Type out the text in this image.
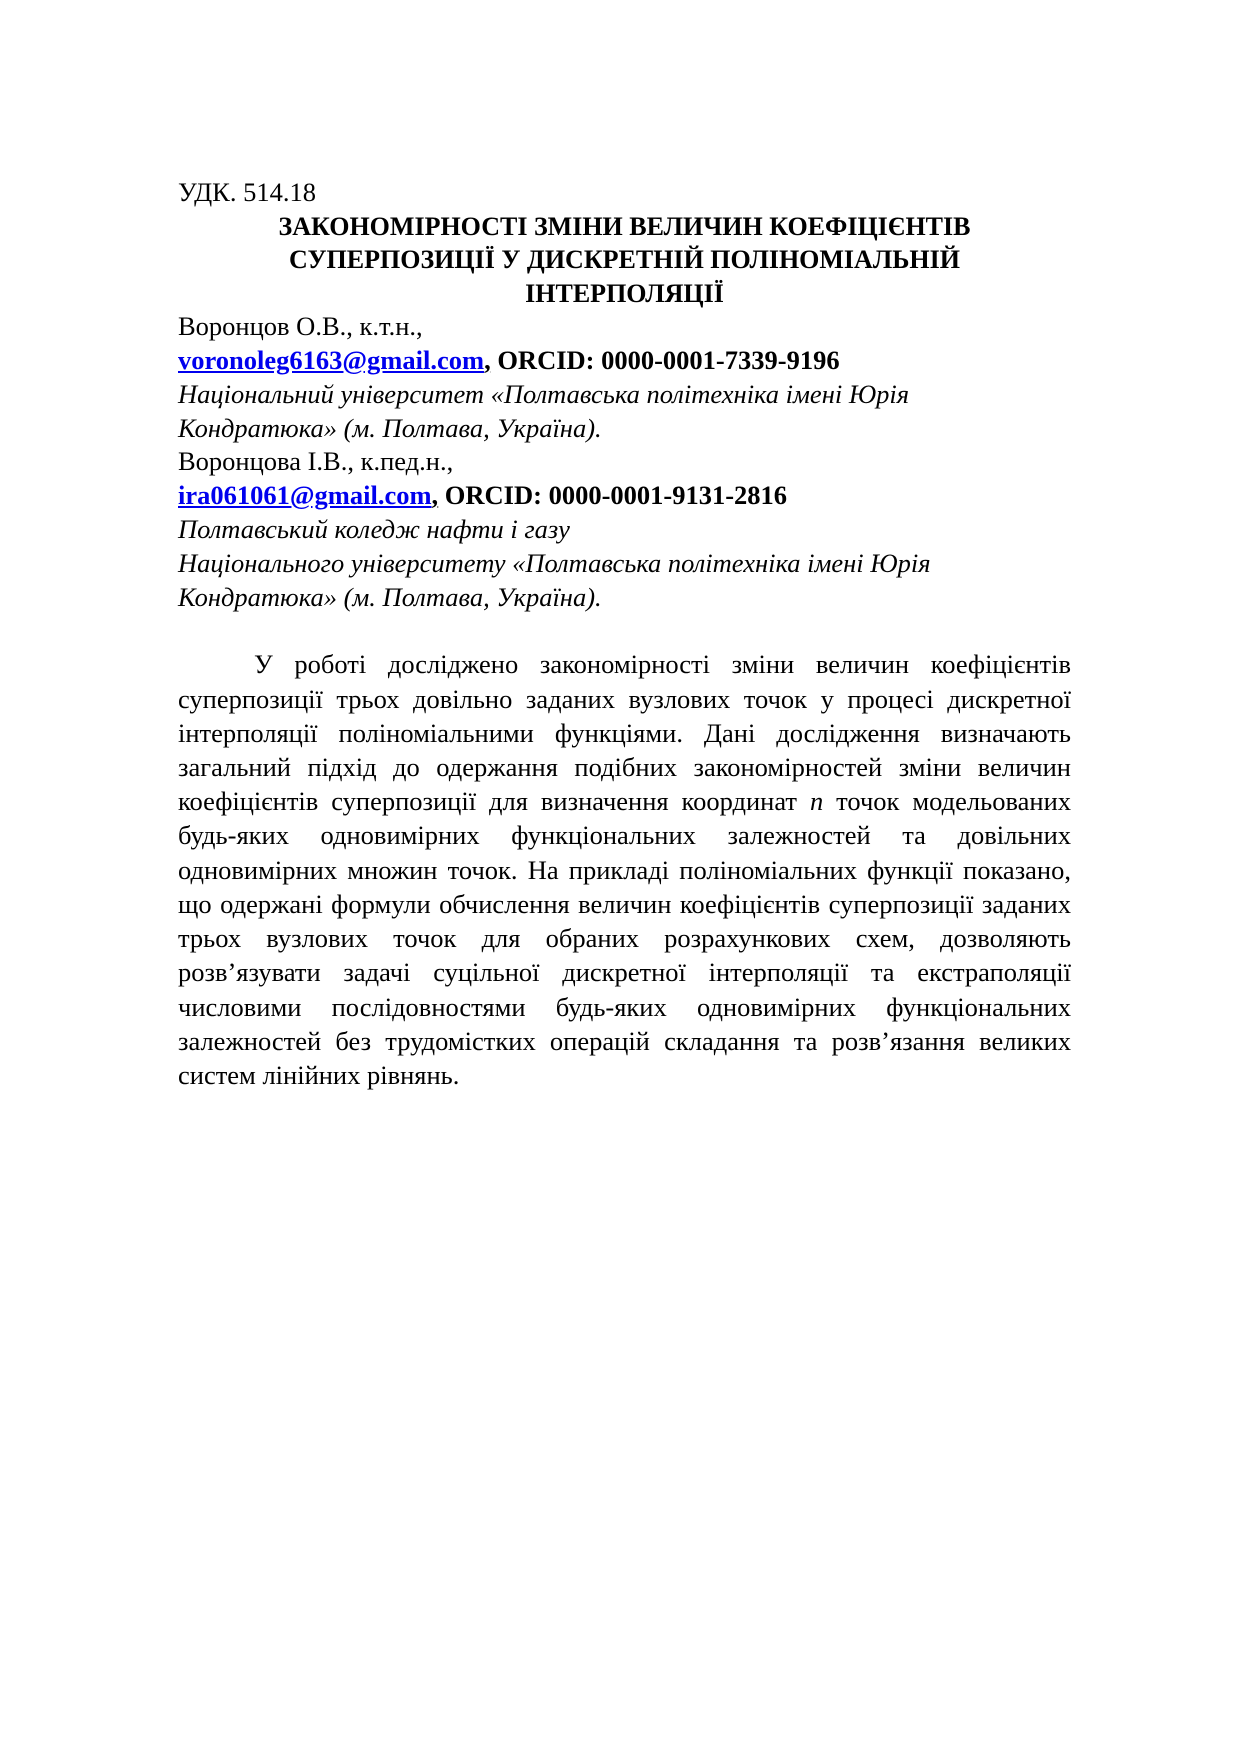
УДК. 514.18

ЗАКОНОМІРНОСТІ ЗМІНИ ВЕЛИЧИН КОЕФІЦІЄНТІВ СУПЕРПОЗИЦІЇ У ДИСКРЕТНІЙ ПОЛІНОМІАЛЬНІЙ ІНТЕРПОЛЯЦІЇ

Воронцов О.В., к.т.н.,

voronoleg6163@gmail.com, ORCID: 0000-0001-7339-9196

Національний університет «Полтавська політехніка імені Юрія

Кондратюка» (м. Полтава, Україна).

Воронцова І.В., к.пед.н.,

ira061061@gmail.com, ORCID: 0000-0001-9131-2816

Полтавський коледж нафти і газу

Національного університету «Полтавська політехніка імені Юрія

Кондратюка» (м. Полтава, Україна).

У роботі досліджено закономірності зміни величин коефіцієнтів суперпозиції трьох довільно заданих вузлових точок у процесі дискретної інтерполяції поліноміальними функціями. Дані дослідження визначають загальний підхід до одержання подібних закономірностей зміни величин коефіцієнтів суперпозиції для визначення координат n точок модельованих будь-яких одновимірних функціональних залежностей та довільних одновимірних множин точок. На прикладі поліноміальних функції показано, що одержані формули обчислення величин коефіцієнтів суперпозиції заданих трьох вузлових точок для обраних розрахункових схем, дозволяють розв’язувати задачі суцільної дискретної інтерполяції та екстраполяції числовими послідовностями будь-яких одновимірних функціональних залежностей без трудомістких операцій складання та розв’язання великих систем лінійних рівнянь.
